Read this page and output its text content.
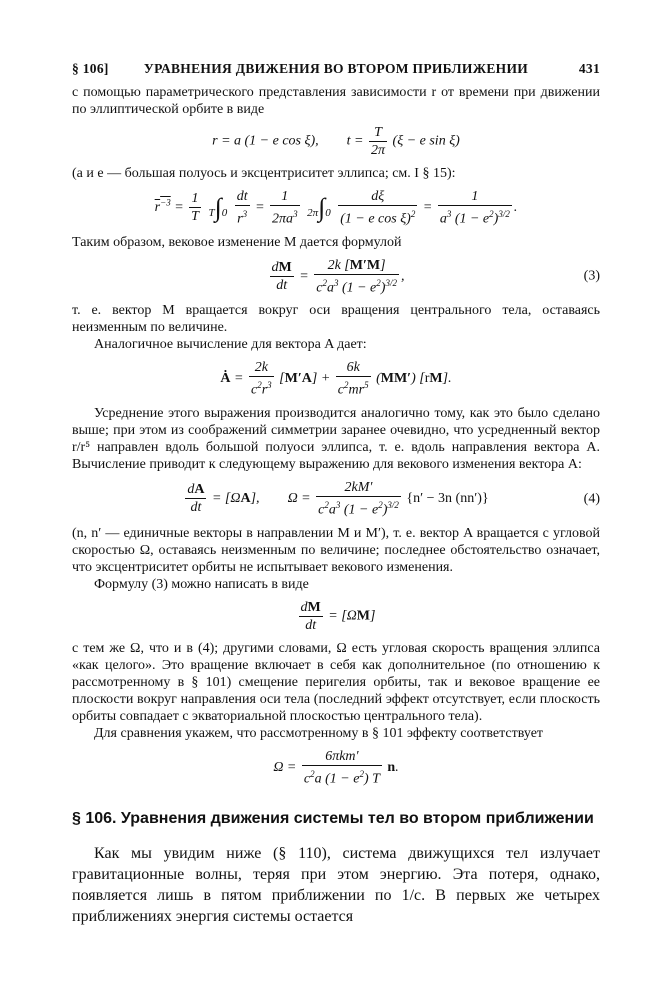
§ 106]	УРАВНЕНИЯ ДВИЖЕНИЯ ВО ВТОРОМ ПРИБЛИЖЕНИИ	431

с помощью параметрического представления зависимости r от времени при движении по эллиптической орбите в виде

r = a (1 − e cos ξ), $t = \frac{T}{2\pi} (\xi - e$ sin ξ)

(a и e — большая полуось и эксцентриситет эллипса; см. I § 15):

$r^{-3} = \frac{1}{T} T\int 0 \frac{dt}{r^3} = \frac{1}{2\pi a^3} 2\pi\int 0 \frac{d\xi}{(1 - e \cos \xi)^2} = \frac{1}{a^3 (1 - e^2)^{3/2}}$ .

Таким образом, вековое изменение M дается формулой

$\frac{dM}{dt} = \frac{2k [M'M]}{c^2a^3 (1 - e^2)^{3/2}}$ ,	(3)

т. е. вектор M вращается вокруг оси вращения центрального тела, оставаясь неизменным по величине.

Аналогичное вычисление для вектора A дает:

Ȧ = $\frac{2k}{c^2r^3} [M'A] + \frac{6k}{c^2mr^5} (MM')$ [rM].

Усреднение этого выражения производится аналогично тому, как это было сделано выше; при этом из соображений симметрии заранее очевидно, что усредненный вектор r/r⁵ направлен вдоль большой полуоси эллипса, т. е. вдоль направления вектора A. Вычисление приводит к следующему выражению для векового изменения вектора A:

$\frac{dA}{dt} = [\Omega A]$, $\Omega = \frac{2kM'}{c^2a^3 (1 - e^2)^{3/2}} \{n' - 3n$ (nn′)}	(4)

(n, n′ — единичные векторы в направлении M и M′), т. е. вектор A вращается с угловой скоростью Ω, оставаясь неизменным по величине; последнее обстоятельство означает, что эксцентриситет орбиты не испытывает векового изменения.

Формулу (3) можно написать в виде

$\frac{dM}{dt} = [\Omega M]$

с тем же Ω, что и в (4); другими словами, Ω есть угловая скорость вращения эллипса «как целого». Это вращение включает в себя как дополнительное (по отношению к рассмотренному в § 101) смещение перигелия орбиты, так и вековое вращение ее плоскости вокруг направления оси тела (последний эффект отсутствует, если плоскость орбиты совпадает с экваториальной плоскостью центрального тела).

Для сравнения укажем, что рассмотренному в § 101 эффекту соответствует

$\Omega = \frac{\text{6πkm′}}{c^2a (1 - e^2) T} n$.
§ 106. Уравнения движения системы тел во втором приближении

Как мы увидим ниже (§ 110), система движущихся тел излучает гравитационные волны, теряя при этом энергию. Эта потеря, однако, появляется лишь в пятом приближении по 1/c. В первых же четырех приближениях энергия системы остается
